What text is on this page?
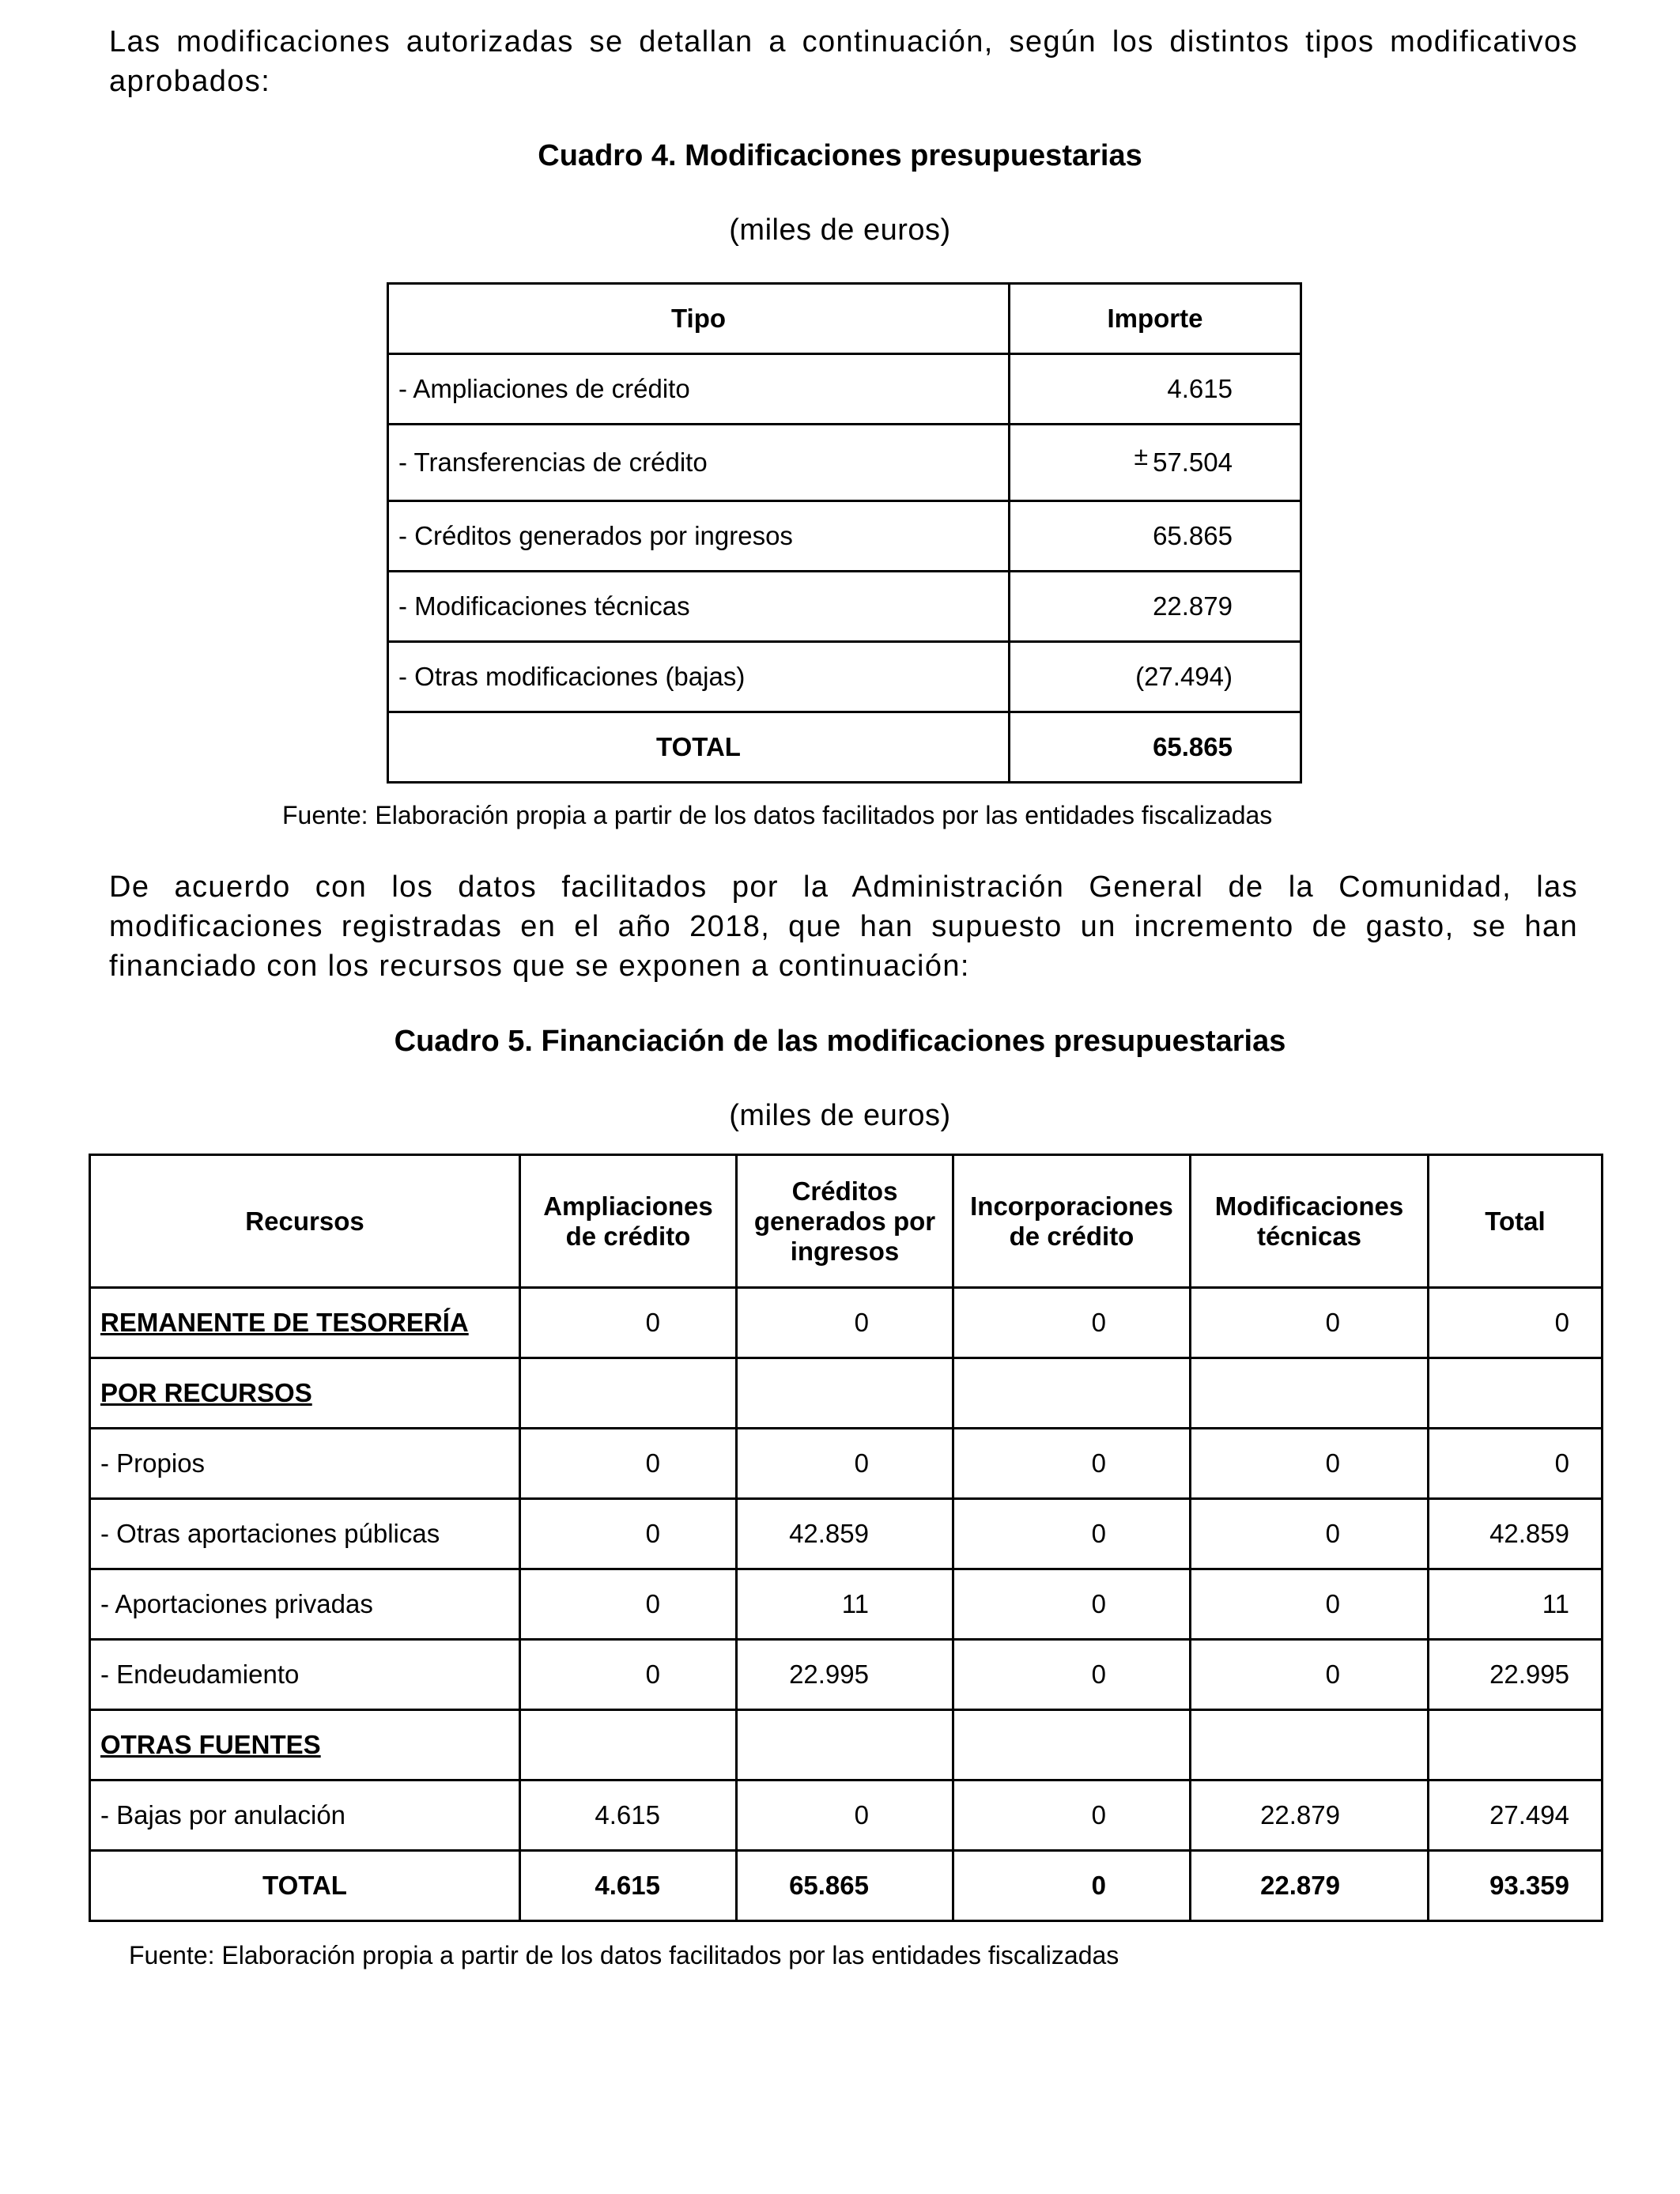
Las modificaciones autorizadas se detallan a continuación, según los distintos tipos modificativos aprobados:

Cuadro 4. Modificaciones presupuestarias

(miles de euros)

Tipo	Importe
- Ampliaciones de crédito	4.615
- Transferencias de crédito	± 57.504
- Créditos generados por ingresos	65.865
- Modificaciones técnicas	22.879
- Otras modificaciones (bajas)	(27.494)
TOTAL	65.865

Fuente: Elaboración propia a partir de los datos facilitados por las entidades fiscalizadas

De acuerdo con los datos facilitados por la Administración General de la Comunidad, las modificaciones registradas en el año 2018, que han supuesto un incremento de gasto, se han financiado con los recursos que se exponen a continuación:

Cuadro 5. Financiación de las modificaciones presupuestarias

(miles de euros)

Recursos	Ampliaciones de crédito	Créditos generados por ingresos	Incorporaciones de crédito	Modificaciones técnicas	Total
REMANENTE DE TESORERÍA	0	0	0	0	0
POR RECURSOS					
- Propios	0	0	0	0	0
- Otras aportaciones públicas	0	42.859	0	0	42.859
- Aportaciones privadas	0	11	0	0	11
- Endeudamiento	0	22.995	0	0	22.995
OTRAS FUENTES					
- Bajas por anulación	4.615	0	0	22.879	27.494
TOTAL	4.615	65.865	0	22.879	93.359

Fuente: Elaboración propia a partir de los datos facilitados por las entidades fiscalizadas
